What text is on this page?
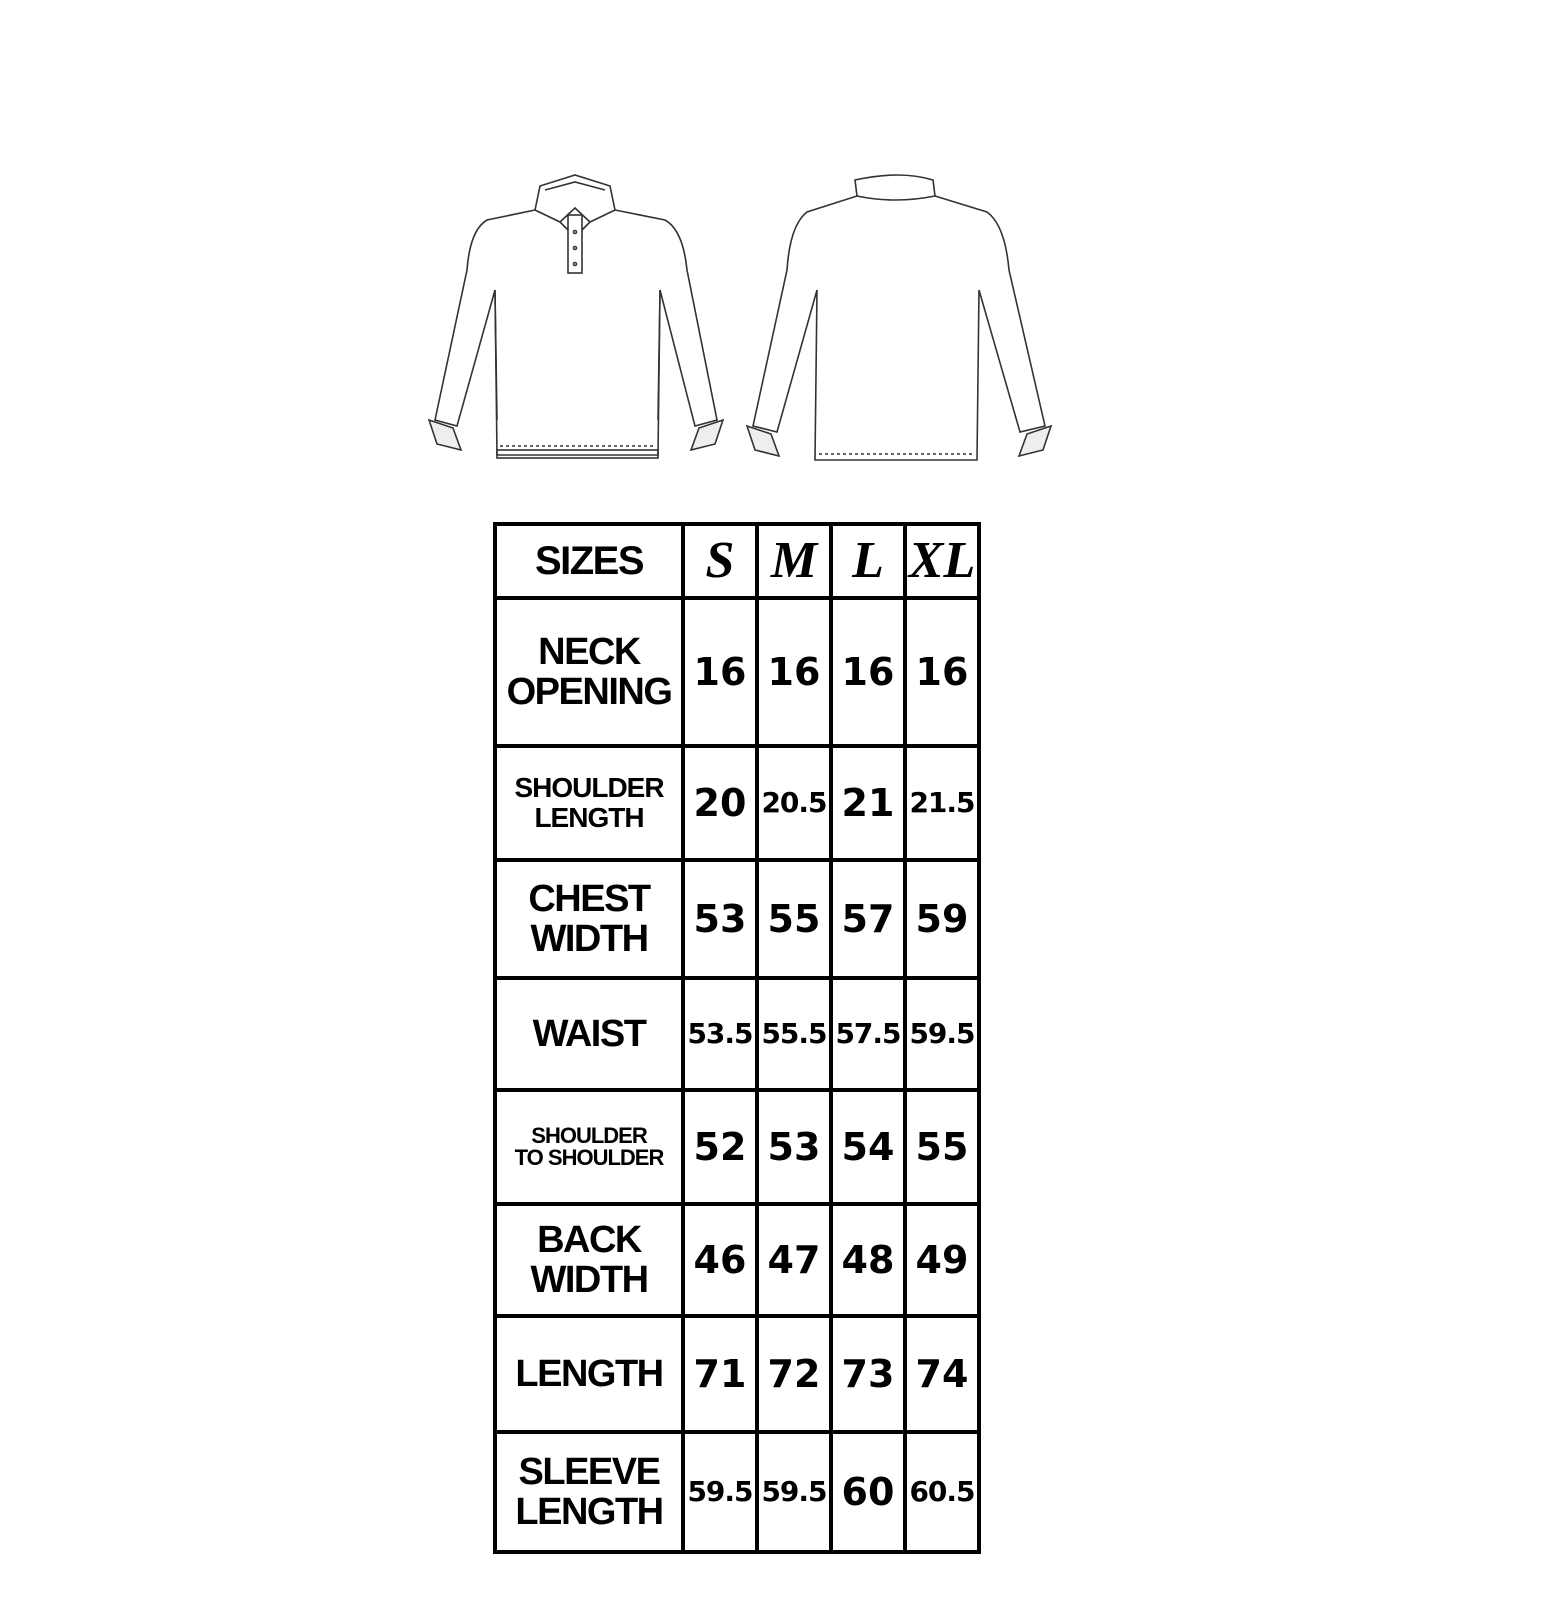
SIZES	S	M	L	XL
NECK
OPENING	16	16	16	16
SHOULDER
LENGTH	20	20.5	21	21.5
CHEST
WIDTH	53	55	57	59
WAIST	53.5	55.5	57.5	59.5
SHOULDER
TO SHOULDER	52	53	54	55
BACK
WIDTH	46	47	48	49
LENGTH	71	72	73	74
SLEEVE
LENGTH	59.5	59.5	60	60.5
